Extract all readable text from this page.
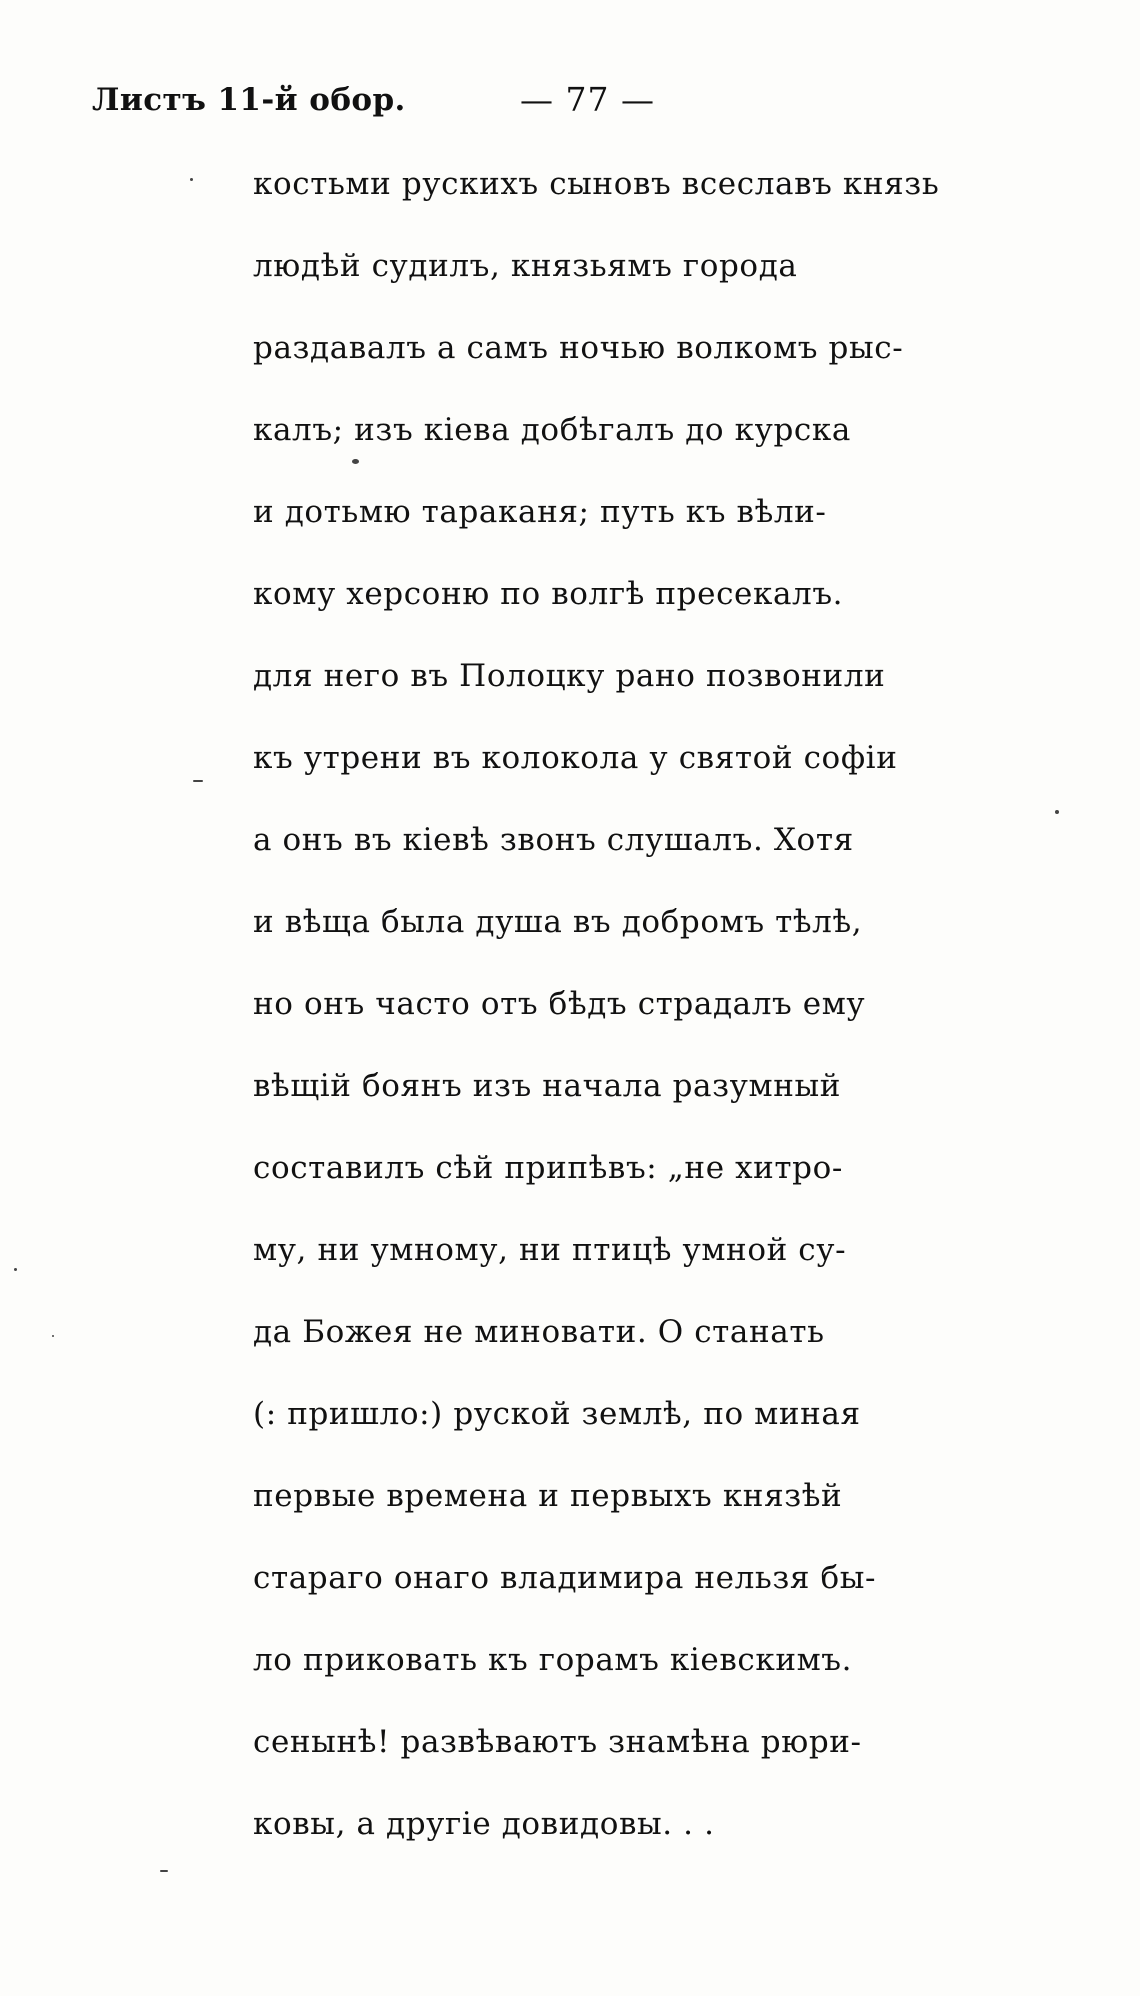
Листъ 11-й обор.	— 77 —
костьми рускихъ сыновъ всеславъ князь
людѣй судилъ, князьямъ города
раздавалъ а самъ ночью волкомъ рыс-
калъ; изъ кіева добѣгалъ до курска
и дотьмю тараканя; путь къ вѣли-
кому херсоню по волгѣ пресекалъ.
для него въ Полоцку рано позвонили
къ утрени въ колокола у святой софіи
а онъ въ кіевѣ звонъ слушалъ. Хотя
и вѣща была душа въ добромъ тѣлѣ,
но онъ часто отъ бѣдъ страдалъ ему
вѣщій боянъ изъ начала разумный
составилъ сѣй припѣвъ: „не хитро-
му, ни умному, ни птицѣ умной су-
да Божея не миновати. О станать
(: пришло:) руской землѣ, по миная
первые времена и первыхъ князѣй
стараго онаго владимира нельзя бы-
ло приковать къ горамъ кіевскимъ.
сенынѣ! развѣваютъ знамѣна рюри-
ковы, а другіе довидовы. . .
